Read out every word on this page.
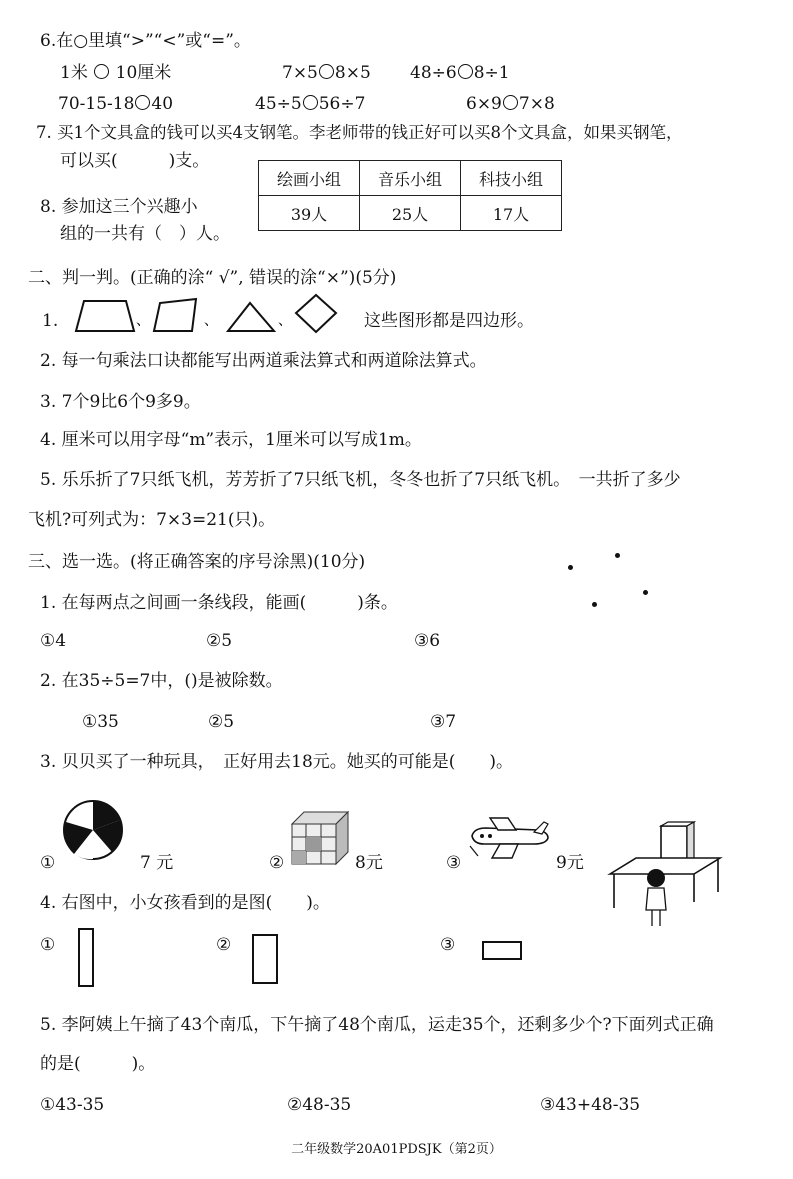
6.在○里填“>”“<”或“=”。
1米 10厘米	7×5 8×5 48÷6 8÷1
70-15-18 40	45÷5 56÷7	6×9 7×8
7. 买1个文具盒的钱可以买4支钢笔。李老师带的钱正好可以买8个文具盒，如果买钢笔，
可以买(　　　)支。
8. 参加这三个兴趣小
组的一共有（　）人。
绘画小组	音乐小组	科技小组
39人	25人	17人
二、判一判。(正确的涂“ √”, 错误的涂“×”)(5分)
1.	、	、	、	这些图形都是四边形。
2. 每一句乘法口诀都能写出两道乘法算式和两道除法算式。
3. 7个9比6个9多9。
4. 厘米可以用字母“m”表示，1厘米可以写成1m。
5. 乐乐折了7只纸飞机，芳芳折了7只纸飞机，冬冬也折了7只纸飞机。　一共折了多少
飞机?可列式为：7×3=21(只)。
三、选一选。(将正确答案的序号涂黑)(10分)
1. 在每两点之间画一条线段，能画(　　　)条。
①4	②5	③6
2. 在35÷5=7中，()是被除数。
①35	②5	③7
3. 贝贝买了一种玩具，　正好用去18元。她买的可能是(　　)。
①	7 元	②	8元	③	9元
4. 右图中，小女孩看到的是图(　　)。
①	②	③
5. 李阿姨上午摘了43个南瓜，下午摘了48个南瓜，运走35个，还剩多少个?下面列式正确
的是(　　　)。
①43-35	②48-35	③43+48-35
二年级数学20A01PDSJK（第2页）
